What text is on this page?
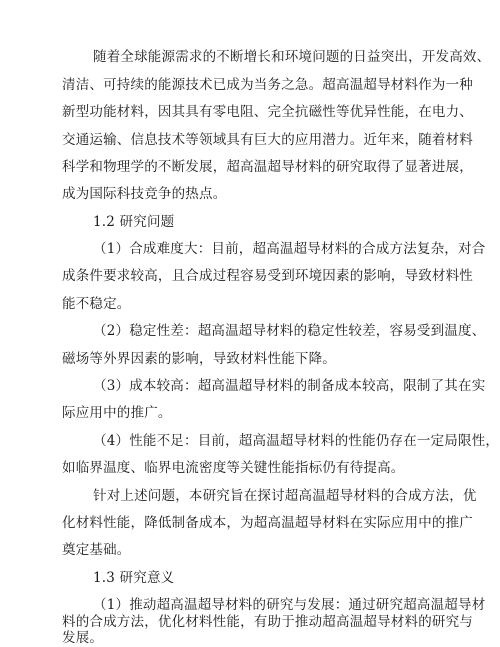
随着全球能源需求的不断增长和环境问题的日益突出，开发高效、
清洁、可持续的能源技术已成为当务之急。超高温超导材料作为一种
新型功能材料，因其具有零电阻、完全抗磁性等优异性能，在电力、
交通运输、信息技术等领域具有巨大的应用潜力。近年来，随着材料
科学和物理学的不断发展，超高温超导材料的研究取得了显著进展，
成为国际科技竞争的热点。
1.2 研究问题
（1）合成难度大：目前，超高温超导材料的合成方法复杂，对合
成条件要求较高，且合成过程容易受到环境因素的影响，导致材料性
能不稳定。
（2）稳定性差：超高温超导材料的稳定性较差，容易受到温度、
磁场等外界因素的影响，导致材料性能下降。
（3）成本较高：超高温超导材料的制备成本较高，限制了其在实
际应用中的推广。
（4）性能不足：目前，超高温超导材料的性能仍存在一定局限性，
如临界温度、临界电流密度等关键性能指标仍有待提高。
针对上述问题，本研究旨在探讨超高温超导材料的合成方法，优
化材料性能，降低制备成本，为超高温超导材料在实际应用中的推广
奠定基础。
1.3 研究意义
（1）推动超高温超导材料的研究与发展：通过研究超高温超导材
料的合成方法，优化材料性能，有助于推动超高温超导材料的研究与
发展。
